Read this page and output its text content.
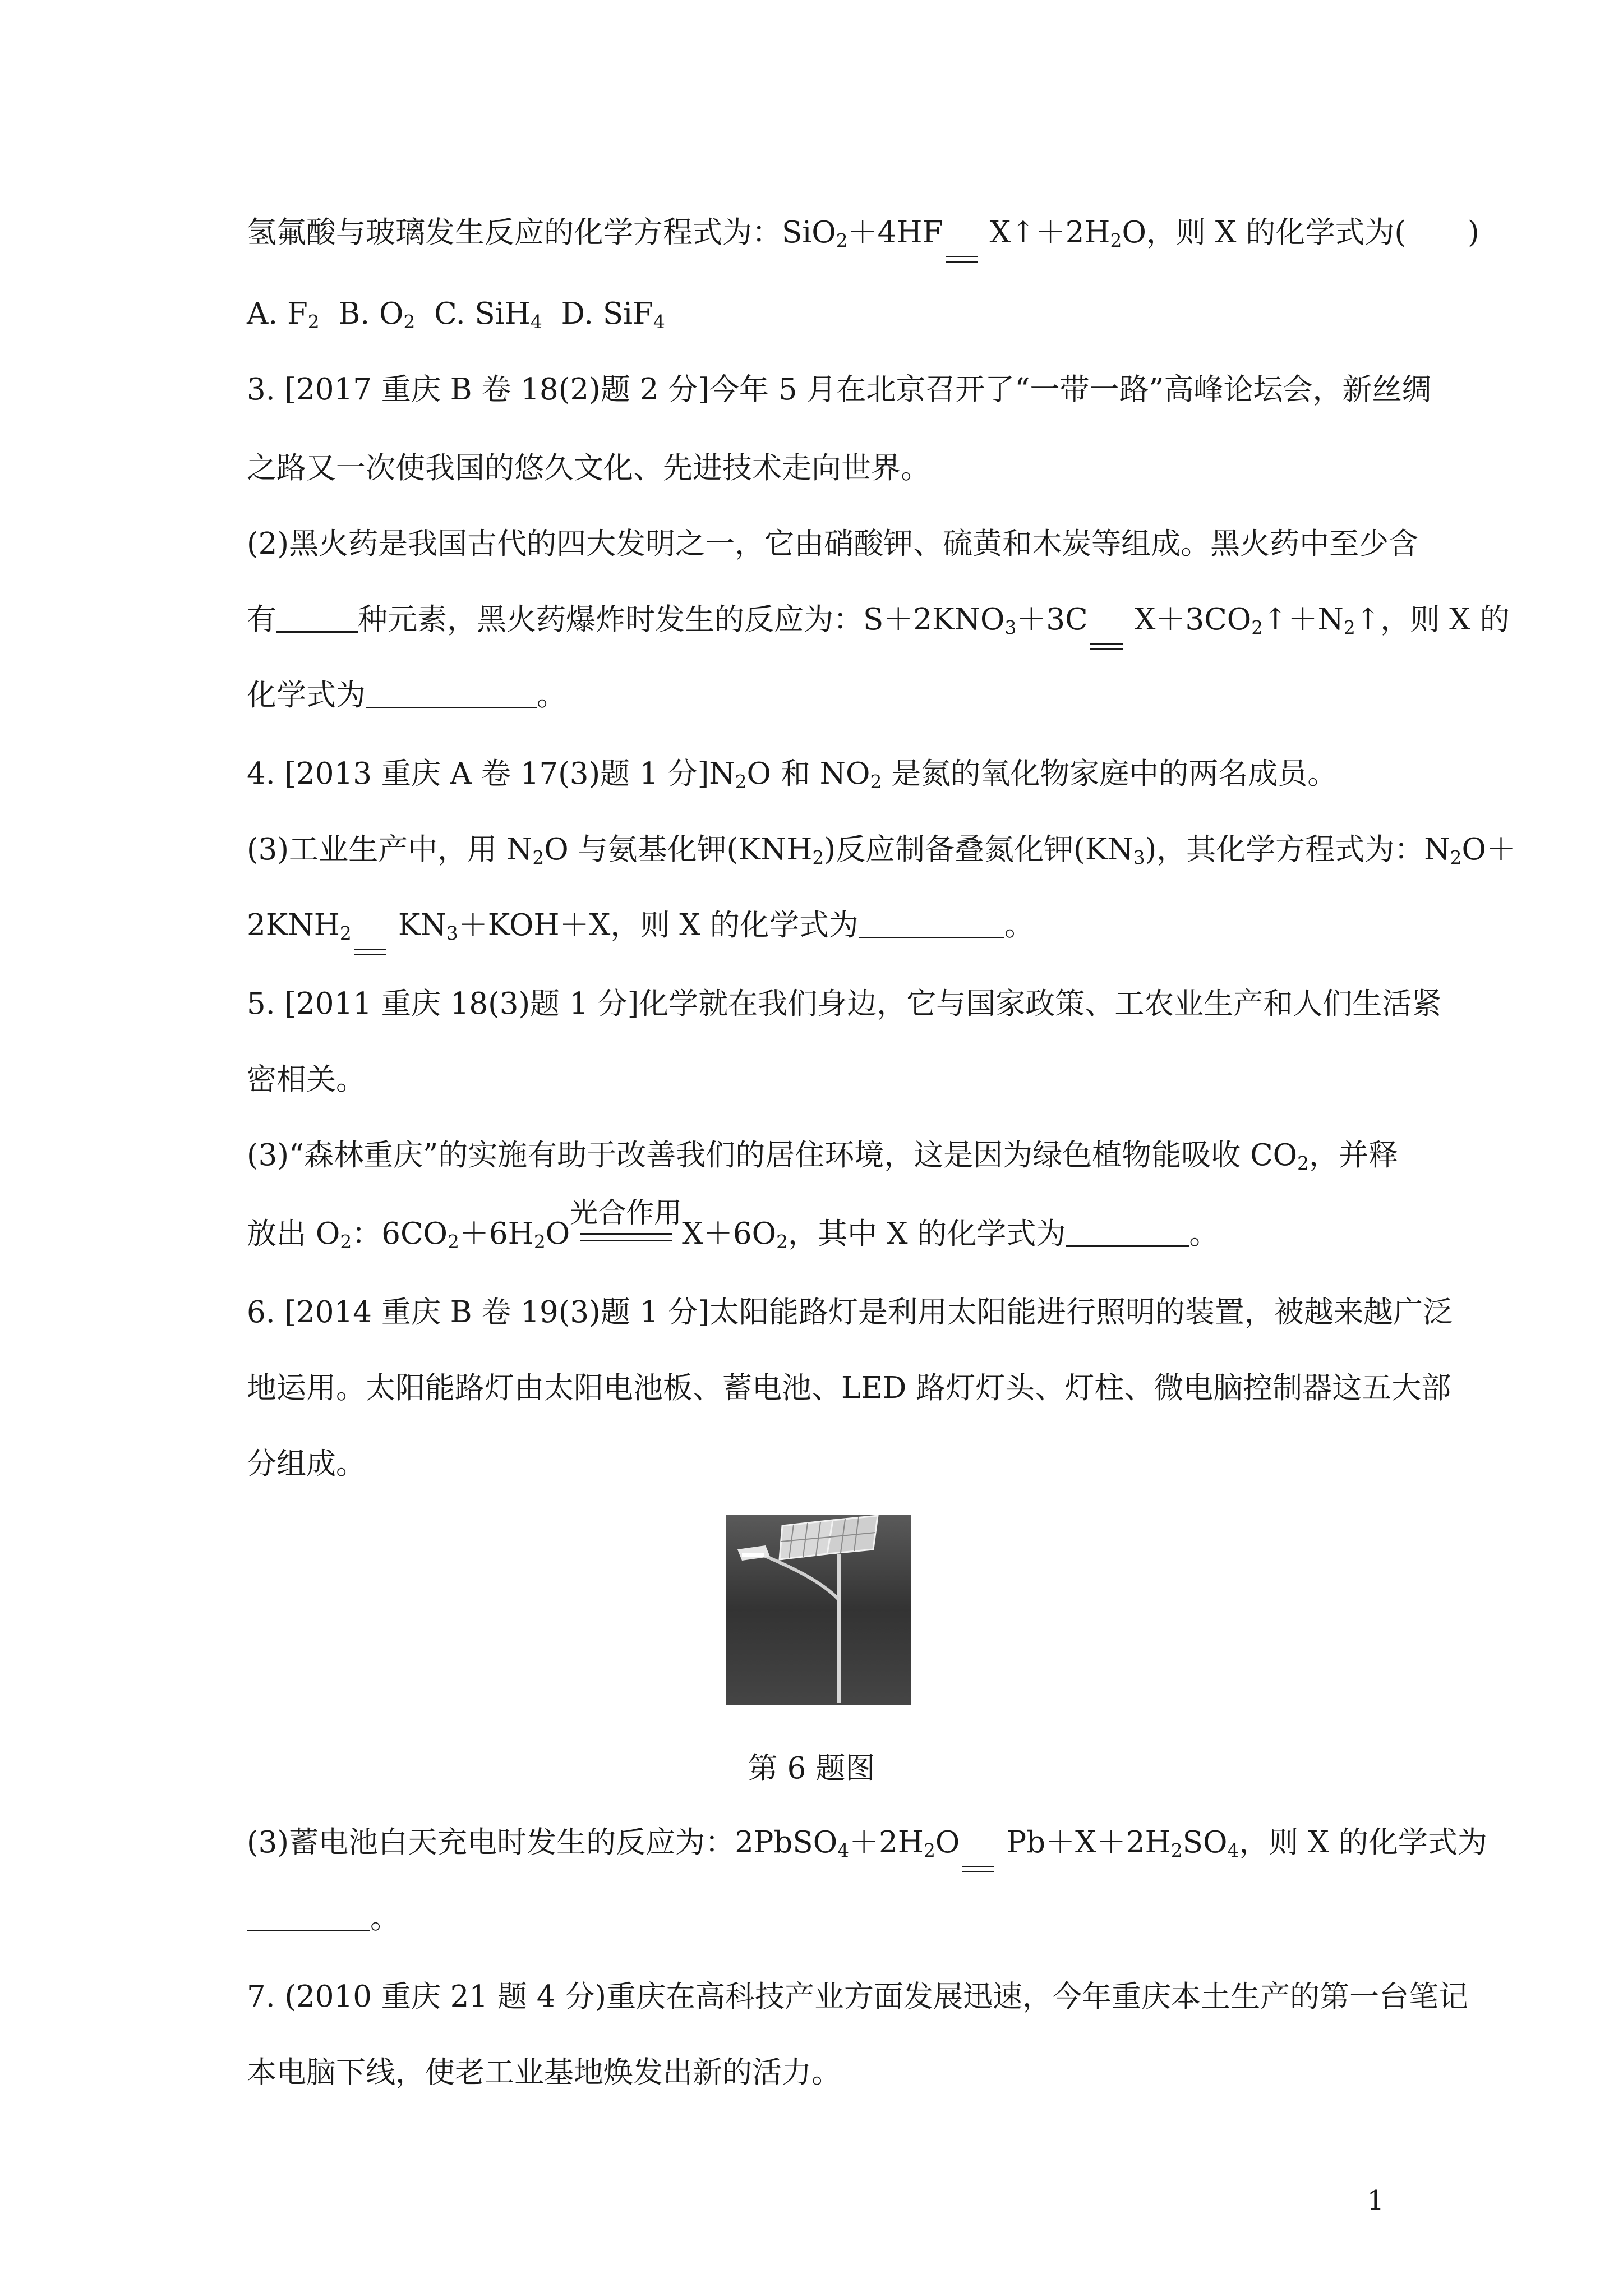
氢氟酸与玻璃发生反应的化学方程式为：SiO$_2$＋4HF $X↑+2H_2O$，则 X 的化学式为( )
A. $F_2$ B. $O_2$ C. SiH$_4$ D. SiF$_4$
3. [2017 重庆 B 卷 18(2)题 2 分]今年 5 月在北京召开了“一带一路”高峰论坛会，新丝绸
之路又一次使我国的悠久文化、先进技术走向世界。
(2)黑火药是我国古代的四大发明之一，它由硝酸钾、硫黄和木炭等组成。黑火药中至少含
有	种元素，黑火药爆炸时发生的反应为：$S+2KNO_3+3C$ $X+3CO_2↑+N_2↑$，则 X 的
化学式为	。
4. [2013 重庆 A 卷 17(3)题 1 分]$N_2O$ 和 $NO_2$ 是氮的氧化物家庭中的两名成员。
(3)工业生产中，用 $N_2O$ 与氨基化钾$(KNH_2)$反应制备叠氮化钾$(KN_3)$，其化学方程式为：$N_2O+$
$2KNH_2$ $KN_3+KOH+X$，则 X 的化学式为	。
5. [2011 重庆 18(3)题 1 分]化学就在我们身边，它与国家政策、工农业生产和人们生活紧
密相关。
(3)“森林重庆”的实施有助于改善我们的居住环境，这是因为绿色植物能吸收 $CO_2$，并释
放出 $O_2$：$6CO_2+6H_2O$
光合作用
$X+6O_2$，其中 X 的化学式为	。
6. [2014 重庆 B 卷 19(3)题 1 分]太阳能路灯是利用太阳能进行照明的装置，被越来越广泛
地运用。太阳能路灯由太阳电池板、蓄电池、LED 路灯灯头、灯柱、微电脑控制器这五大部
分组成。
(3)蓄电池白天充电时发生的反应为：$2PbSO_4+2H_2O$ $Pb+X+2H_2SO_4$，则 X 的化学式为
。
7. (2010 重庆 21 题 4 分)重庆在高科技产业方面发展迅速，今年重庆本土生产的第一台笔记
本电脑下线，使老工业基地焕发出新的活力。
第 6 题图
1
